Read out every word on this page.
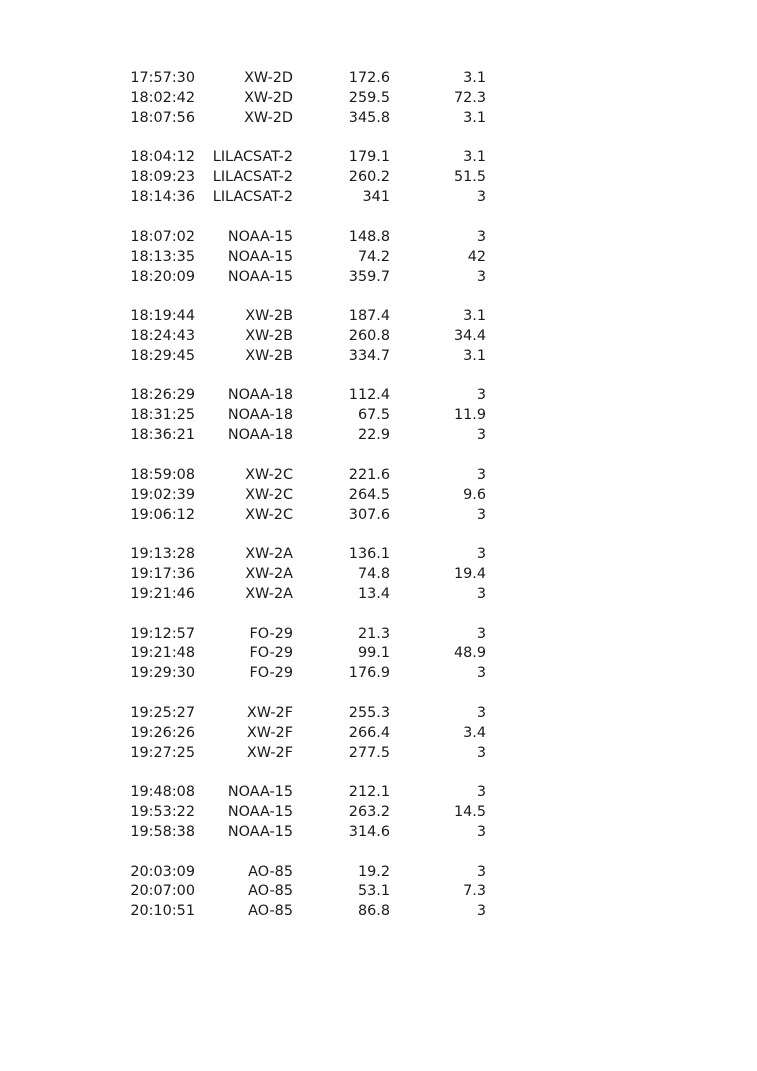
17:57:30	XW-2D	172.6	3.1
18:02:42	XW-2D	259.5	72.3
18:07:56	XW-2D	345.8	3.1
18:04:12	LILACSAT-2	179.1	3.1
18:09:23	LILACSAT-2	260.2	51.5
18:14:36	LILACSAT-2	341	3
18:07:02	NOAA-15	148.8	3
18:13:35	NOAA-15	74.2	42
18:20:09	NOAA-15	359.7	3
18:19:44	XW-2B	187.4	3.1
18:24:43	XW-2B	260.8	34.4
18:29:45	XW-2B	334.7	3.1
18:26:29	NOAA-18	112.4	3
18:31:25	NOAA-18	67.5	11.9
18:36:21	NOAA-18	22.9	3
18:59:08	XW-2C	221.6	3
19:02:39	XW-2C	264.5	9.6
19:06:12	XW-2C	307.6	3
19:13:28	XW-2A	136.1	3
19:17:36	XW-2A	74.8	19.4
19:21:46	XW-2A	13.4	3
19:12:57	FO-29	21.3	3
19:21:48	FO-29	99.1	48.9
19:29:30	FO-29	176.9	3
19:25:27	XW-2F	255.3	3
19:26:26	XW-2F	266.4	3.4
19:27:25	XW-2F	277.5	3
19:48:08	NOAA-15	212.1	3
19:53:22	NOAA-15	263.2	14.5
19:58:38	NOAA-15	314.6	3
20:03:09	AO-85	19.2	3
20:07:00	AO-85	53.1	7.3
20:10:51	AO-85	86.8	3
